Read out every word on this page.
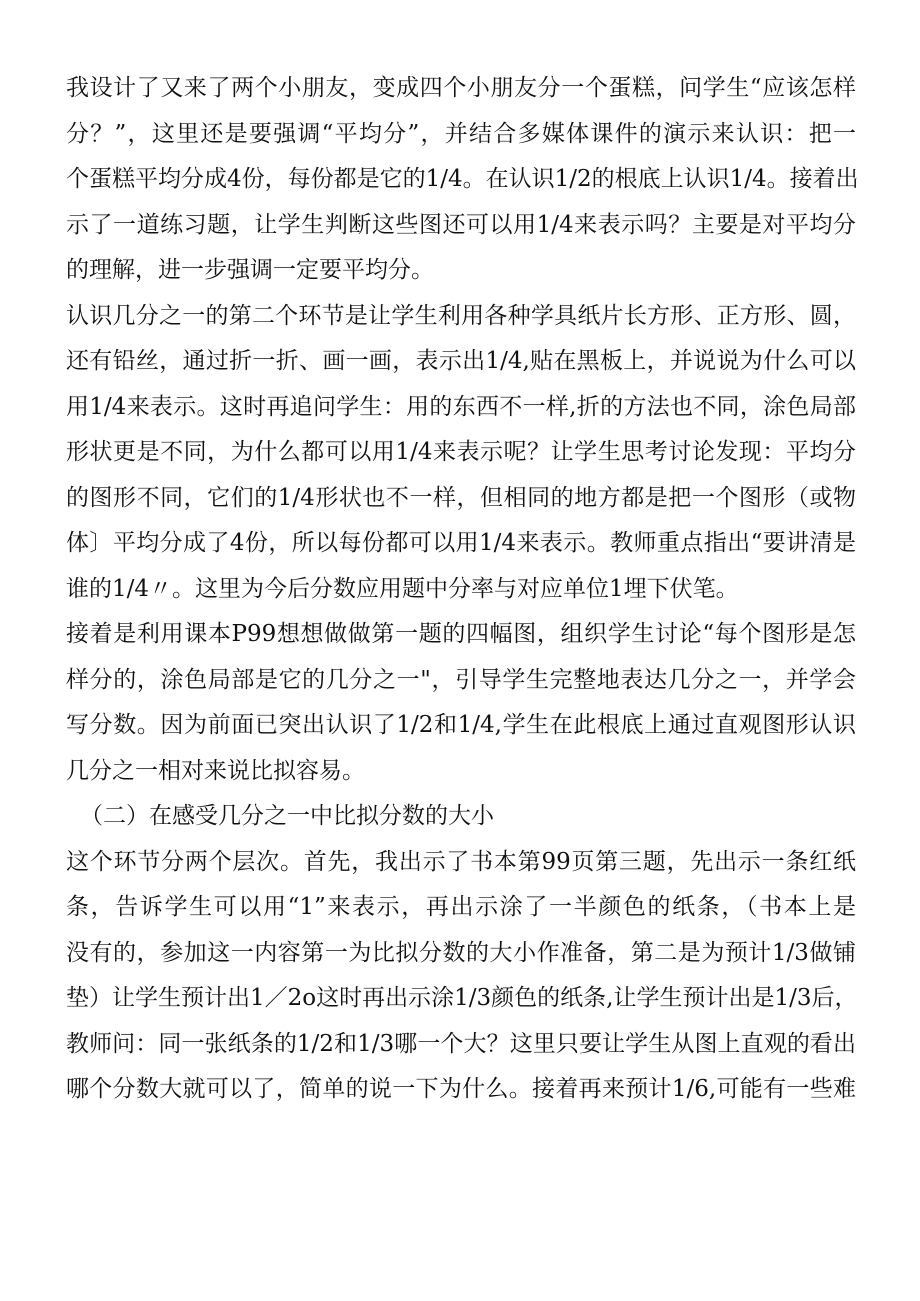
我设计了又来了两个小朋友，变成四个小朋友分一个蛋糕，问学生“应该怎样
分？”，这里还是要强调“平均分”，并结合多媒体课件的演示来认识：把一
个蛋糕平均分成4份，每份都是它的1/4。在认识1/2的根底上认识1/4。接着出
示了一道练习题，让学生判断这些图还可以用1/4来表示吗？主要是对平均分
的理解，进一步强调一定要平均分。
认识几分之一的第二个环节是让学生利用各种学具纸片长方形、正方形、圆，
还有铅丝，通过折一折、画一画，表示出1/4,贴在黑板上，并说说为什么可以
用1/4来表示。这时再追问学生：用的东西不一样,折的方法也不同，涂色局部
形状更是不同，为什么都可以用1/4来表示呢？让学生思考讨论发现：平均分
的图形不同，它们的1/4形状也不一样，但相同的地方都是把一个图形（或物
体〕平均分成了4份，所以每份都可以用1/4来表示。教师重点指出“要讲清是
谁的1/4〃。这里为今后分数应用题中分率与对应单位1埋下伏笔。
接着是利用课本P99想想做做第一题的四幅图，组织学生讨论“每个图形是怎
样分的，涂色局部是它的几分之一"，引导学生完整地表达几分之一，并学会
写分数。因为前面已突出认识了1/2和1/4,学生在此根底上通过直观图形认识
几分之一相对来说比拟容易。
（二）在感受几分之一中比拟分数的大小
这个环节分两个层次。首先，我出示了书本第99页第三题，先出示一条红纸
条，告诉学生可以用“1”来表示，再出示涂了一半颜色的纸条，（书本上是
没有的，参加这一内容第一为比拟分数的大小作准备，第二是为预计1/3做铺
垫）让学生预计出1／2o这时再出示涂1/3颜色的纸条,让学生预计出是1/3后，
教师问：同一张纸条的1/2和1/3哪一个大？这里只要让学生从图上直观的看出
哪个分数大就可以了，简单的说一下为什么。接着再来预计1/6,可能有一些难
